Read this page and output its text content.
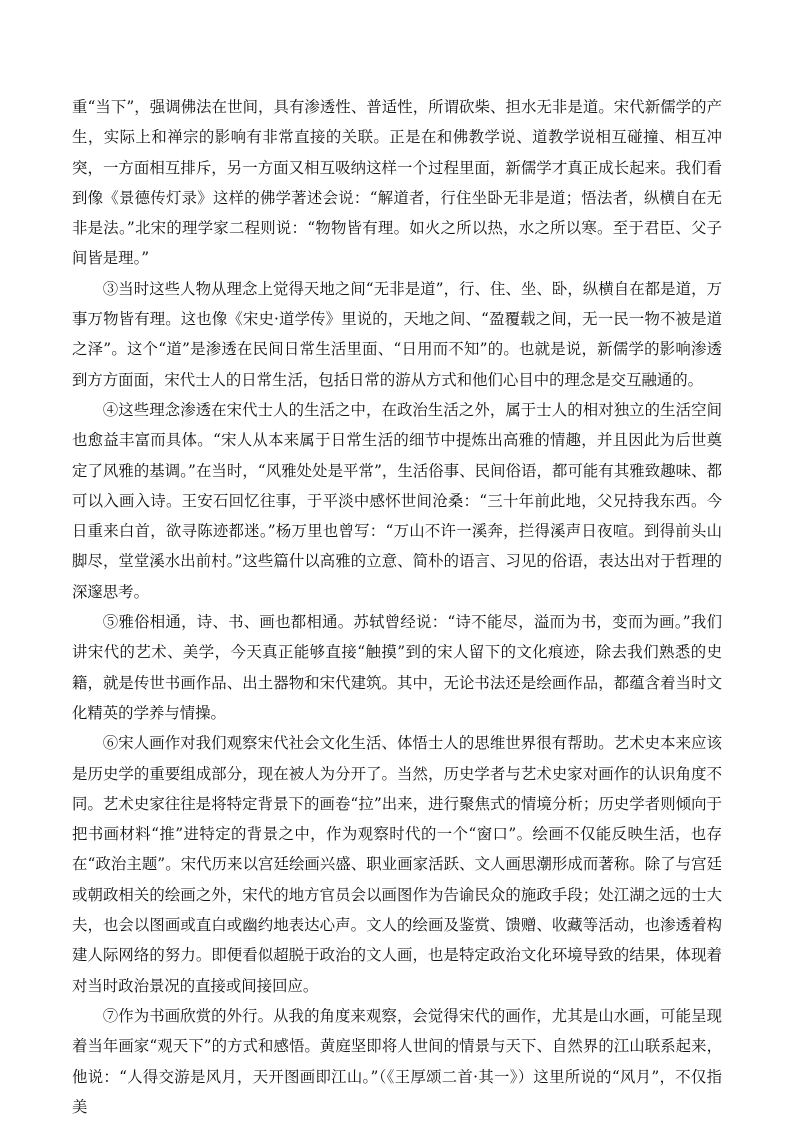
重“当下”，强调佛法在世间，具有渗透性、普适性，所谓砍柴、担水无非是道。宋代新儒学的产生，实际上和禅宗的影响有非常直接的关联。正是在和佛教学说、道教学说相互碰撞、相互冲突，一方面相互排斥，另一方面又相互吸纳这样一个过程里面，新儒学才真正成长起来。我们看到像《景德传灯录》这样的佛学著述会说：“解道者，行住坐卧无非是道；悟法者，纵横自在无非是法。”北宋的理学家二程则说：“物物皆有理。如火之所以热，水之所以寒。至于君臣、父子间皆是理。”

③当时这些人物从理念上觉得天地之间“无非是道”，行、住、坐、卧，纵横自在都是道，万事万物皆有理。这也像《宋史·道学传》里说的，天地之间、“盈覆载之间，无一民一物不被是道之泽”。这个“道”是渗透在民间日常生活里面、“日用而不知”的。也就是说，新儒学的影响渗透到方方面面，宋代士人的日常生活，包括日常的游从方式和他们心目中的理念是交互融通的。

④这些理念渗透在宋代士人的生活之中，在政治生活之外，属于士人的相对独立的生活空间也愈益丰富而具体。“宋人从本来属于日常生活的细节中提炼出高雅的情趣，并且因此为后世奠定了风雅的基调。”在当时，“风雅处处是平常”，生活俗事、民间俗语，都可能有其雅致趣味、都可以入画入诗。王安石回忆往事，于平淡中感怀世间沧桑：“三十年前此地，父兄持我东西。今日重来白首，欲寻陈迹都迷。”杨万里也曾写：“万山不许一溪奔，拦得溪声日夜喧。到得前头山脚尽，堂堂溪水出前村。”这些篇什以高雅的立意、简朴的语言、习见的俗语，表达出对于哲理的深邃思考。

⑤雅俗相通，诗、书、画也都相通。苏轼曾经说：“诗不能尽，溢而为书，变而为画。”我们讲宋代的艺术、美学，今天真正能够直接“触摸”到的宋人留下的文化痕迹，除去我们熟悉的史籍，就是传世书画作品、出土器物和宋代建筑。其中，无论书法还是绘画作品，都蕴含着当时文化精英的学养与情操。

⑥宋人画作对我们观察宋代社会文化生活、体悟士人的思维世界很有帮助。艺术史本来应该是历史学的重要组成部分，现在被人为分开了。当然，历史学者与艺术史家对画作的认识角度不同。艺术史家往往是将特定背景下的画卷“拉”出来，进行聚焦式的情境分析；历史学者则倾向于把书画材料“推”进特定的背景之中，作为观察时代的一个“窗口”。绘画不仅能反映生活，也存在“政治主题”。宋代历来以宫廷绘画兴盛、职业画家活跃、文人画思潮形成而著称。除了与宫廷或朝政相关的绘画之外，宋代的地方官员会以画图作为告谕民众的施政手段；处江湖之远的士大夫，也会以图画或直白或幽约地表达心声。文人的绘画及鉴赏、馈赠、收藏等活动，也渗透着构建人际网络的努力。即便看似超脱于政治的文人画，也是特定政治文化环境导致的结果，体现着对当时政治景况的直接或间接回应。

⑦作为书画欣赏的外行。从我的角度来观察，会觉得宋代的画作，尤其是山水画，可能呈现着当年画家“观天下”的方式和感悟。黄庭坚即将人世间的情景与天下、自然界的江山联系起来，他说：“人得交游是风月，天开图画即江山。”（《王厚颂二首·其一》）这里所说的“风月”，不仅指美
